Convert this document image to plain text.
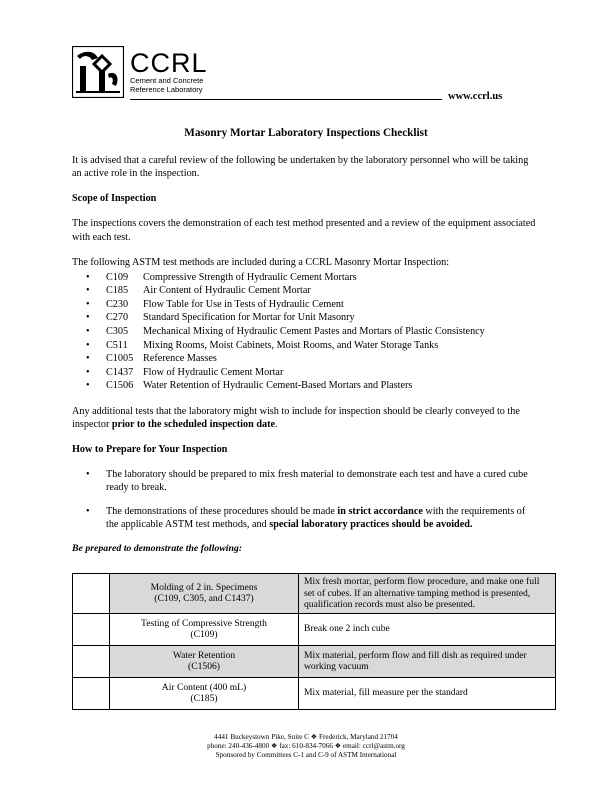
CCRL
Cement and Concrete
Reference Laboratory
www.ccrl.us
Masonry Mortar Laboratory Inspections Checklist

It is advised that a careful review of the following be undertaken by the laboratory personnel who will be taking an active role in the inspection.

Scope of Inspection

The inspections covers the demonstration of each test method presented and a review of the equipment associated with each test.

The following ASTM test methods are included during a CCRL Masonry Mortar Inspection:

•	C109	Compressive Strength of Hydraulic Cement Mortars
•	C185	Air Content of Hydraulic Cement Mortar
•	C230	Flow Table for Use in Tests of Hydraulic Cement
•	C270	Standard Specification for Mortar for Unit Masonry
•	C305	Mechanical Mixing of Hydraulic Cement Pastes and Mortars of Plastic Consistency
•	C511	Mixing Rooms, Moist Cabinets, Moist Rooms, and Water Storage Tanks
•	C1005 Reference Masses
•	C1437 Flow of Hydraulic Cement Mortar
•	C1506 Water Retention of Hydraulic Cement-Based Mortars and Plasters

Any additional tests that the laboratory might wish to include for inspection should be clearly conveyed to the inspector prior to the scheduled inspection date.

How to Prepare for Your Inspection
•	The laboratory should be prepared to mix fresh material to demonstrate each test and have a cured cube ready to break.
•	The demonstrations of these procedures should be made in strict accordance with the requirements of the applicable ASTM test methods, and special laboratory practices should be avoided.
Be prepared to demonstrate the following:

	Molding of 2 in. Specimens
(C109, C305, and C1437)	Mix fresh mortar, perform flow procedure, and make one full set of cubes. If an alternative tamping method is presented, qualification records must also be presented.

	Testing of Compressive Strength
(C109)	Break one 2 inch cube

	Water Retention
(C1506)	Mix material, perform flow and fill dish as required under working vacuum

	Air Content (400 mL)
(C185)	Mix material, fill measure per the standard
4441 Buckeystown Pike, Suite C ❖ Frederick, Maryland 21704
phone: 240-436-4800 ❖ fax: 610-834-7066 ❖ email: ccrl@astm.org
Sponsored by Committees C-1 and C-9 of ASTM International
